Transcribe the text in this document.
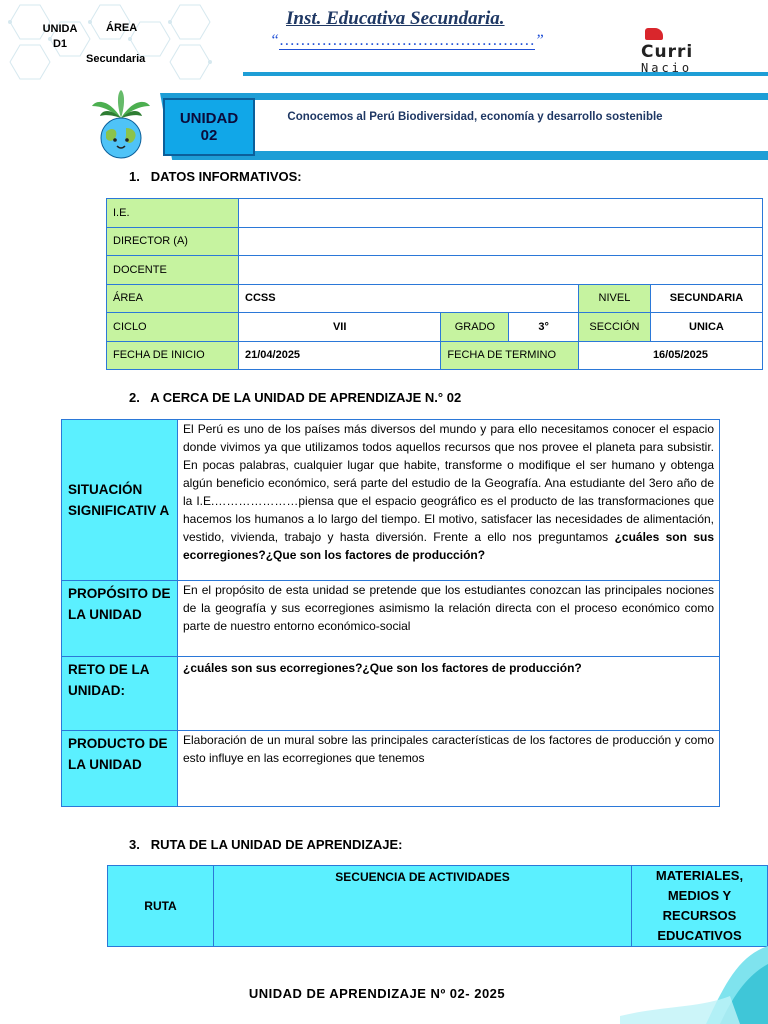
UNIDA D1
ÁREA
Secundaria
Inst. Educativa Secundaria.
“…………………………………………”
Curri
Nacio
UNIDAD
02
Conocemos al Perú Biodiversidad, economía y desarrollo sostenible
1. DATOS INFORMATIVOS:
I.E.					
DIRECTOR (A)					
DOCENTE					
ÁREA	CCSS			NIVEL	SECUNDARIA
CICLO	VII	GRADO	3°	SECCIÓN	UNICA
FECHA DE INICIO	21/04/2025	FECHA DE TERMINO		16/05/2025	
2. A CERCA DE LA UNIDAD DE APRENDIZAJE N.° 02
SITUACIÓN SIGNIFICATIV A	El Perú es uno de los países más diversos del mundo y para ello necesitamos conocer el espacio donde vivimos ya que utilizamos todos aquellos recursos que nos provee el planeta para subsistir. En pocas palabras, cualquier lugar que habite, transforme o modifique el ser humano y obtenga algún beneficio económico, será parte del estudio de la Geografía. Ana estudiante del 3ero año de la I.E.…………………piensa que el espacio geográfico es el producto de las transformaciones que hacemos los humanos a lo largo del tiempo. El motivo, satisfacer las necesidades de alimentación, vestido, vivienda, trabajo y hasta diversión. Frente a ello nos preguntamos ¿cuáles son sus ecorregiones?¿Que son los factores de producción?
PROPÓSITO DE LA UNIDAD	En el propósito de esta unidad se pretende que los estudiantes conozcan las principales nociones de la geografía y sus ecorregiones asimismo la relación directa con el proceso económico como parte de nuestro entorno económico-social
RETO DE LA UNIDAD:	¿cuáles son sus ecorregiones?¿Que son los factores de producción?
PRODUCTO DE LA UNIDAD	Elaboración de un mural sobre las principales características de los factores de producción y como esto influye en las ecorregiones que tenemos
3. RUTA DE LA UNIDAD DE APRENDIZAJE:
RUTA	SECUENCIA DE ACTIVIDADES	MATERIALES, MEDIOS Y RECURSOS EDUCATIVOS
UNIDAD DE APRENDIZAJE Nº 02- 2025
